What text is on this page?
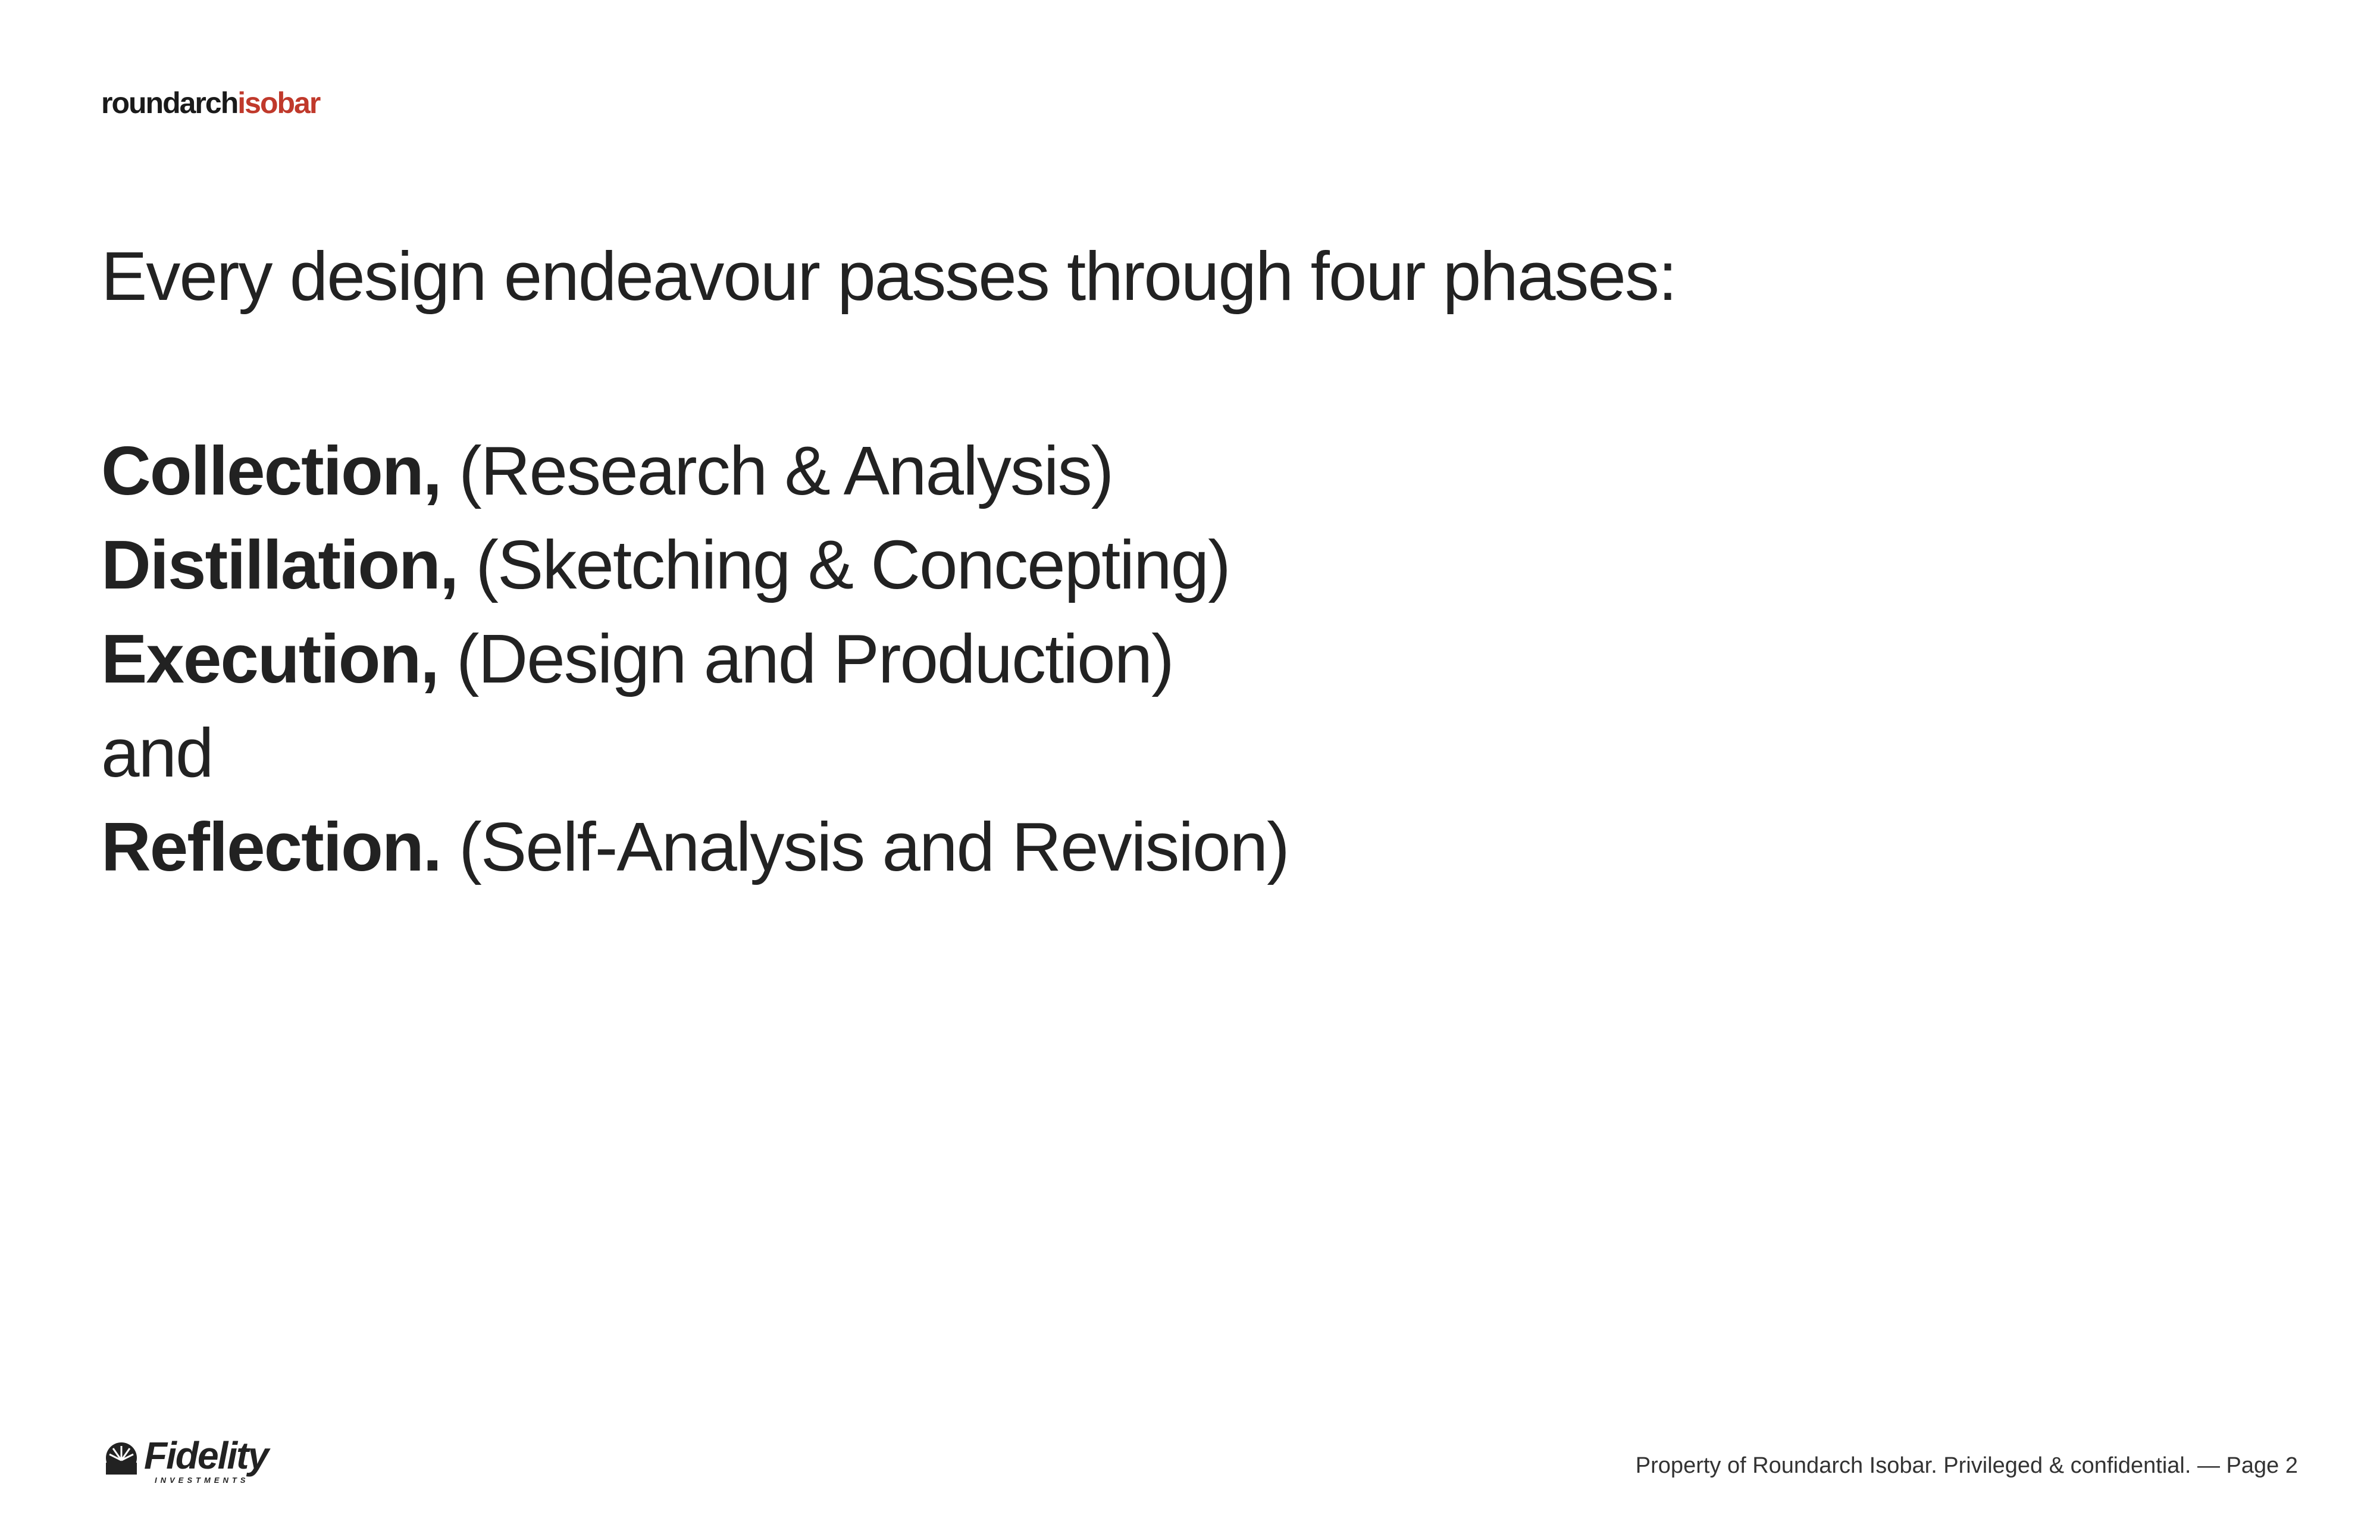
roundarchisobar
Every design endeavour passes through four phases:
Collection, (Research & Analysis)
Distillation, (Sketching & Concepting)
Execution, (Design and Production)
and
Reflection. (Self-Analysis and Revision)
Fidelity
INVESTMENTS
Property of Roundarch Isobar. Privileged & confidential. — Page 2
